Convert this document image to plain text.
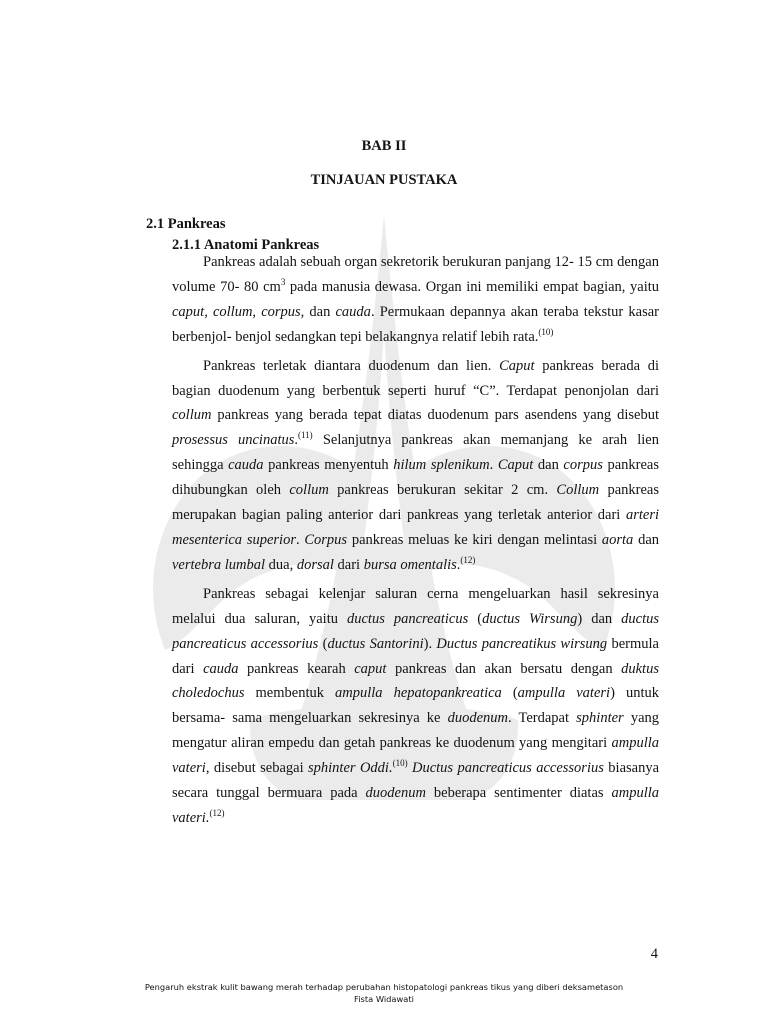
BAB II
TINJAUAN PUSTAKA
2.1 Pankreas
2.1.1 Anatomi Pankreas

Pankreas adalah sebuah organ sekretorik berukuran panjang 12- 15 cm dengan volume 70- 80 $cm^3$ pada manusia dewasa. Organ ini memiliki empat bagian, yaitu caput, collum, corpus, dan cauda. Permukaan depannya akan teraba tekstur kasar berbenjol- benjol sedangkan tepi belakangnya relatif lebih rata.$^{(10)}$

Pankreas terletak diantara duodenum dan lien. Caput pankreas berada di bagian duodenum yang berbentuk seperti huruf “C”. Terdapat penonjolan dari collum pankreas yang berada tepat diatas duodenum pars asendens yang disebut prosessus uncinatus.$^{(11)}$ Selanjutnya pankreas akan memanjang ke arah lien sehingga cauda pankreas menyentuh hilum splenikum. Caput dan corpus pankreas dihubungkan oleh collum pankreas berukuran sekitar 2 cm. Collum pankreas merupakan bagian paling anterior dari pankreas yang terletak anterior dari arteri mesenterica superior. Corpus pankreas meluas ke kiri dengan melintasi aorta dan vertebra lumbal dua, dorsal dari bursa omentalis.$^{(12)}$

Pankreas sebagai kelenjar saluran cerna mengeluarkan hasil sekresinya melalui dua saluran, yaitu ductus pancreaticus (ductus Wirsung) dan ductus pancreaticus accessorius (ductus Santorini). Ductus pancreatikus wirsung bermula dari cauda pankreas kearah caput pankreas dan akan bersatu dengan duktus choledochus membentuk ampulla hepatopankreatica (ampulla vateri) untuk bersama- sama mengeluarkan sekresinya ke duodenum. Terdapat sphinter yang mengatur aliran empedu dan getah pankreas ke duodenum yang mengitari ampulla vateri, disebut sebagai sphinter Oddi.$^{(10)}$ Ductus pancreaticus accessorius biasanya secara tunggal bermuara pada duodenum beberapa sentimenter diatas ampulla vateri.$^{(12)}$

4
Pengaruh ekstrak kulit bawang merah terhadap perubahan histopatologi pankreas tikus yang diberi deksametason
Fista Widawati
